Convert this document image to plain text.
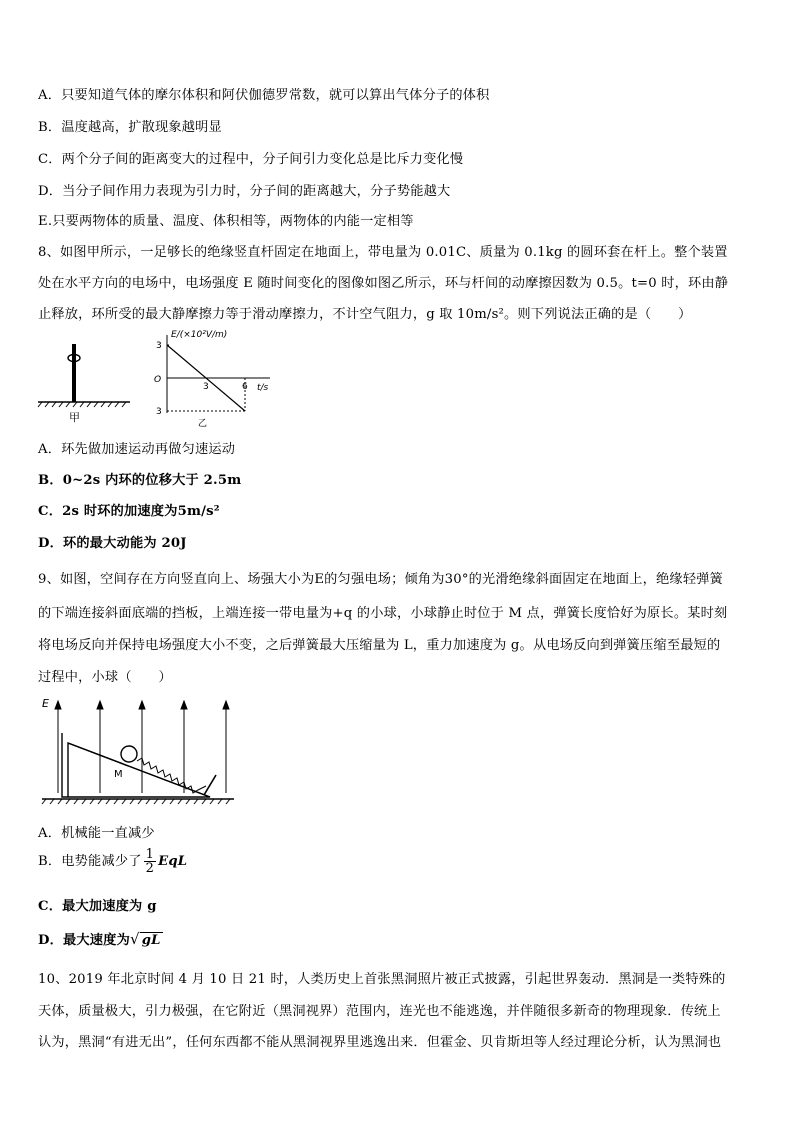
A．只要知道气体的摩尔体积和阿伏伽德罗常数，就可以算出气体分子的体积
B．温度越高，扩散现象越明显
C．两个分子间的距离变大的过程中，分子间引力变化总是比斥力变化慢
D．当分子间作用力表现为引力时，分子间的距离越大，分子势能越大
E.只要两物体的质量、温度、体积相等，两物体的内能一定相等
8、如图甲所示，一足够长的绝缘竖直杆固定在地面上，带电量为 0.01C、质量为 0.1kg 的圆环套在杆上。整个装置
处在水平方向的电场中，电场强度 E 随时间变化的图像如图乙所示，环与杆间的动摩擦因数为 0.5。t=0 时，环由静
止释放，环所受的最大静摩擦力等于滑动摩擦力，不计空气阻力，g 取 10m/s²。则下列说法正确的是（　　）
甲
E/(×10²V/m)
t/s
O
3
3
3	6
乙
A．环先做加速运动再做匀速运动
B．0~2s 内环的位移大于 2.5m
C．2s 时环的加速度为5m/s²
D．环的最大动能为 20J
9、如图，空间存在方向竖直向上、场强大小为E的匀强电场；倾角为30°的光滑绝缘斜面固定在地面上，绝缘轻弹簧
的下端连接斜面底端的挡板，上端连接一带电量为+q 的小球，小球静止时位于 M 点，弹簧长度恰好为原长。某时刻
将电场反向并保持电场强度大小不变，之后弹簧最大压缩量为 L，重力加速度为 g。从电场反向到弹簧压缩至最短的
过程中，小球（　　）
E
M
A．机械能一直减少
B．电势能减少了 $\frac{1}{2}$ EqL
C．最大加速度为 g
D．最大速度为√ gL
10、2019 年北京时间 4 月 10 日 21 时，人类历史上首张黑洞照片被正式披露，引起世界轰动．黑洞是一类特殊的
天体，质量极大，引力极强，在它附近（黑洞视界）范围内，连光也不能逃逸，并伴随很多新奇的物理现象．传统上
认为，黑洞“有进无出”，任何东西都不能从黑洞视界里逃逸出来．但霍金、贝肯斯坦等人经过理论分析，认为黑洞也
